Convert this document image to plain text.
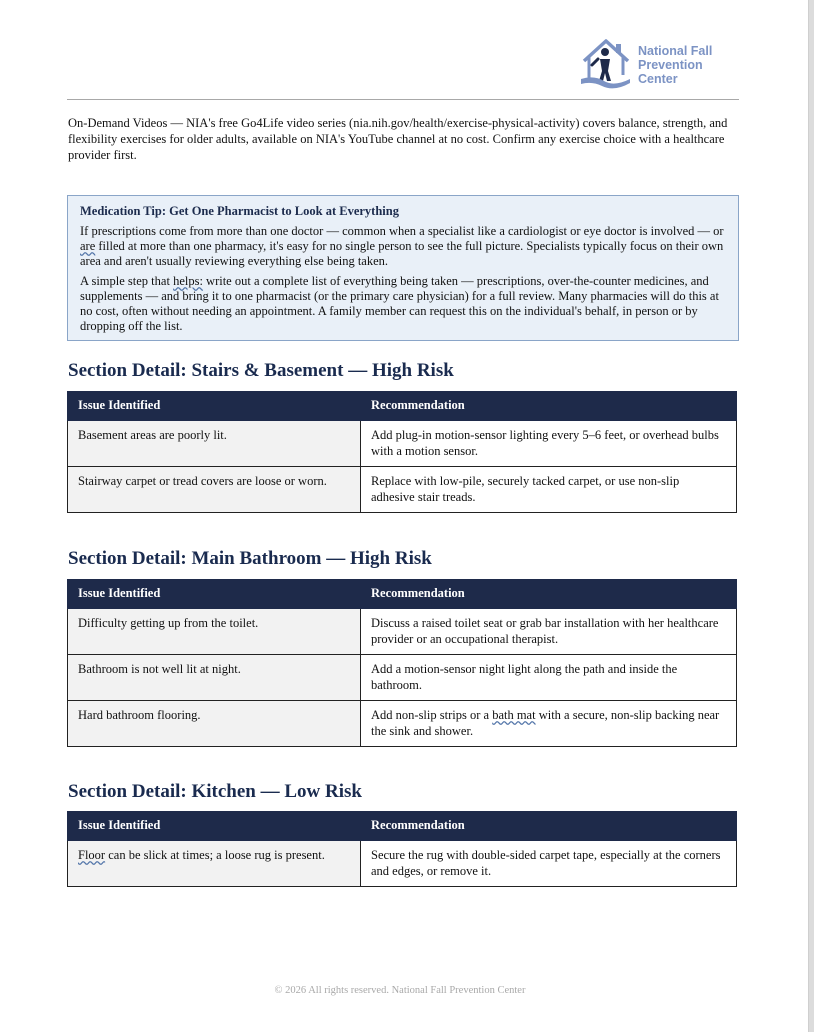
National Fall
Prevention Center

On-Demand Videos — NIA's free Go4Life video series (nia.nih.gov/health/exercise-physical-activity) covers balance, strength, and flexibility exercises for older adults, available on NIA's YouTube channel at no cost. Confirm any exercise choice with a healthcare provider first.

Medication Tip: Get One Pharmacist to Look at Everything

If prescriptions come from more than one doctor — common when a specialist like a cardiologist or eye doctor is involved — or are filled at more than one pharmacy, it's easy for no single person to see the full picture. Specialists typically focus on their own area and aren't usually reviewing everything else being taken.

A simple step that helps: write out a complete list of everything being taken — prescriptions, over-the-counter medicines, and supplements — and bring it to one pharmacist (or the primary care physician) for a full review. Many pharmacies will do this at no cost, often without needing an appointment. A family member can request this on the individual's behalf, in person or by dropping off the list.

Section Detail: Stairs & Basement — High Risk
Issue Identified	Recommendation
Basement areas are poorly lit.	Add plug-in motion-sensor lighting every 5–6 feet, or overhead bulbs with a motion sensor.
Stairway carpet or tread covers are loose or worn.	Replace with low-pile, securely tacked carpet, or use non-slip adhesive stair treads.
Section Detail: Main Bathroom — High Risk
Issue Identified	Recommendation
Difficulty getting up from the toilet.	Discuss a raised toilet seat or grab bar installation with her healthcare provider or an occupational therapist.
Bathroom is not well lit at night.	Add a motion-sensor night light along the path and inside the bathroom.
Hard bathroom flooring.	Add non-slip strips or a bath mat with a secure, non-slip backing near the sink and shower.
Section Detail: Kitchen — Low Risk
Issue Identified	Recommendation
Floor can be slick at times; a loose rug is present.	Secure the rug with double-sided carpet tape, especially at the corners and edges, or remove it.
© 2026 All rights reserved. National Fall Prevention Center
